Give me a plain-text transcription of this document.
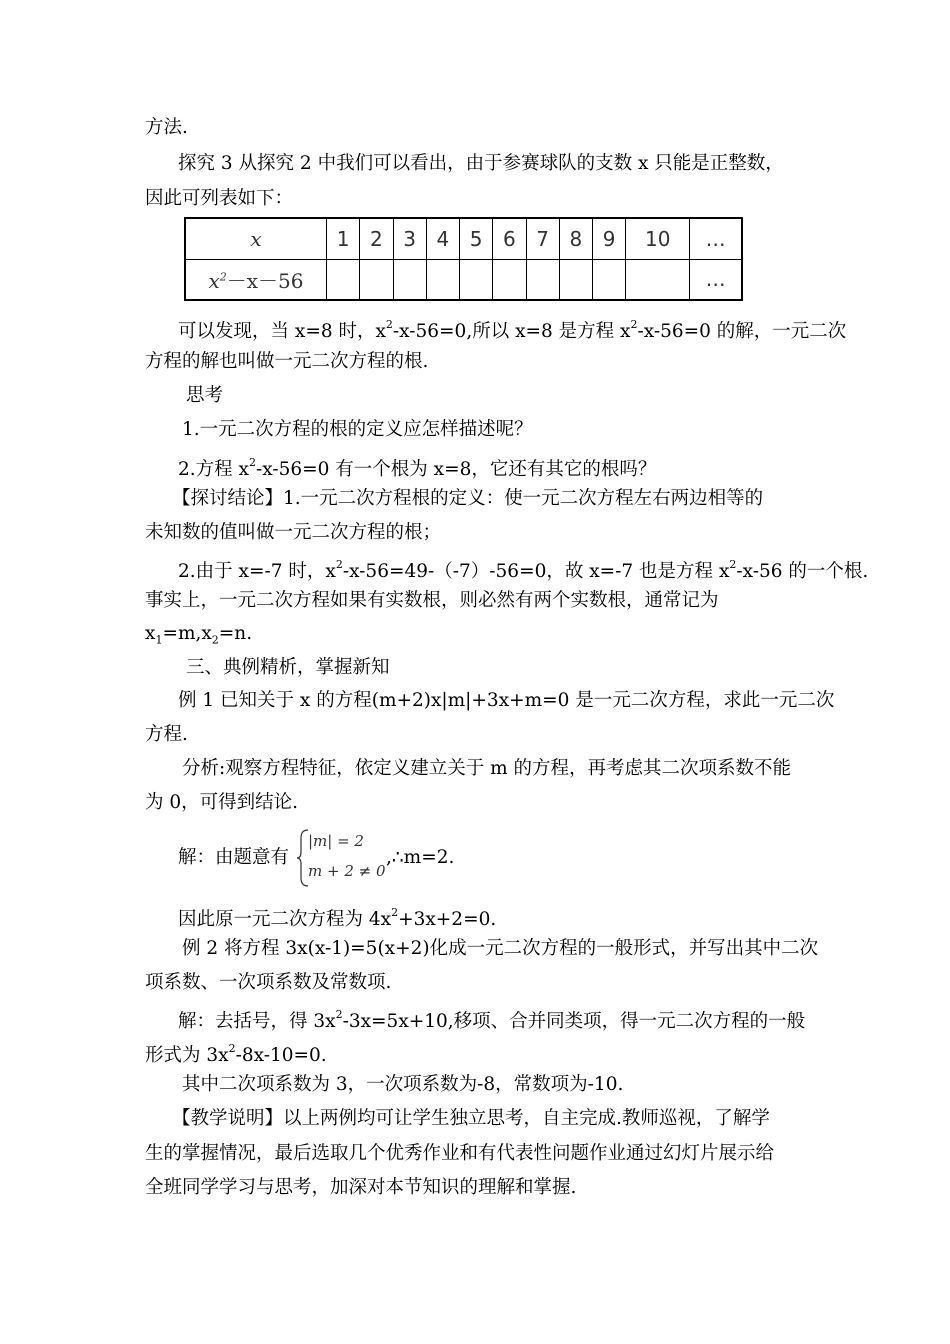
方法.
探究 3 从探究 2 中我们可以看出，由于参赛球队的支数 x 只能是正整数，
因此可列表如下：
x	1	2	3	4	5	6	7	8	9	10	…
$x^2-x-56$											…
可以发现，当 x=8 时，$x^2-x-56=0$,所以 x=8 是方程 $x^2-x-56=0$ 的解，一元二次
方程的解也叫做一元二次方程的根.
思考
1.一元二次方程的根的定义应怎样描述呢？
2.方程 $x^2-x-56=0$ 有一个根为 x=8，它还有其它的根吗？
【探讨结论】1.一元二次方程根的定义：使一元二次方程左右两边相等的
未知数的值叫做一元二次方程的根；
2.由于 x=-7 时，$x^2-x-56=49-(-7)-56=0$，故 x=-7 也是方程 $x^2-x-56$ 的一个根.
事实上，一元二次方程如果有实数根，则必然有两个实数根，通常记为
$x_1=m,x_2=n$.
三、典例精析，掌握新知
例 1 已知关于 x 的方程(m+2)x|m|+3x+m=0 是一元二次方程，求此一元二次
方程.
分析:观察方程特征，依定义建立关于 m 的方程，再考虑其二次项系数不能
为 0，可得到结论.
解：由题意有
|m| = 2
m + 2 ≠ 0
,∴m=2.
因此原一元二次方程为 $4x^2+3x+2=0$.
例 2 将方程 3x(x-1)=5(x+2)化成一元二次方程的一般形式，并写出其中二次
项系数、一次项系数及常数项.
解：去括号，得 $3x^2-3x=5x+10$,移项、合并同类项，得一元二次方程的一般
形式为 $3x^2-8x-10=0$.
其中二次项系数为 3，一次项系数为-8，常数项为-10.
【教学说明】以上两例均可让学生独立思考，自主完成.教师巡视，了解学
生的掌握情况，最后选取几个优秀作业和有代表性问题作业通过幻灯片展示给
全班同学学习与思考，加深对本节知识的理解和掌握.
